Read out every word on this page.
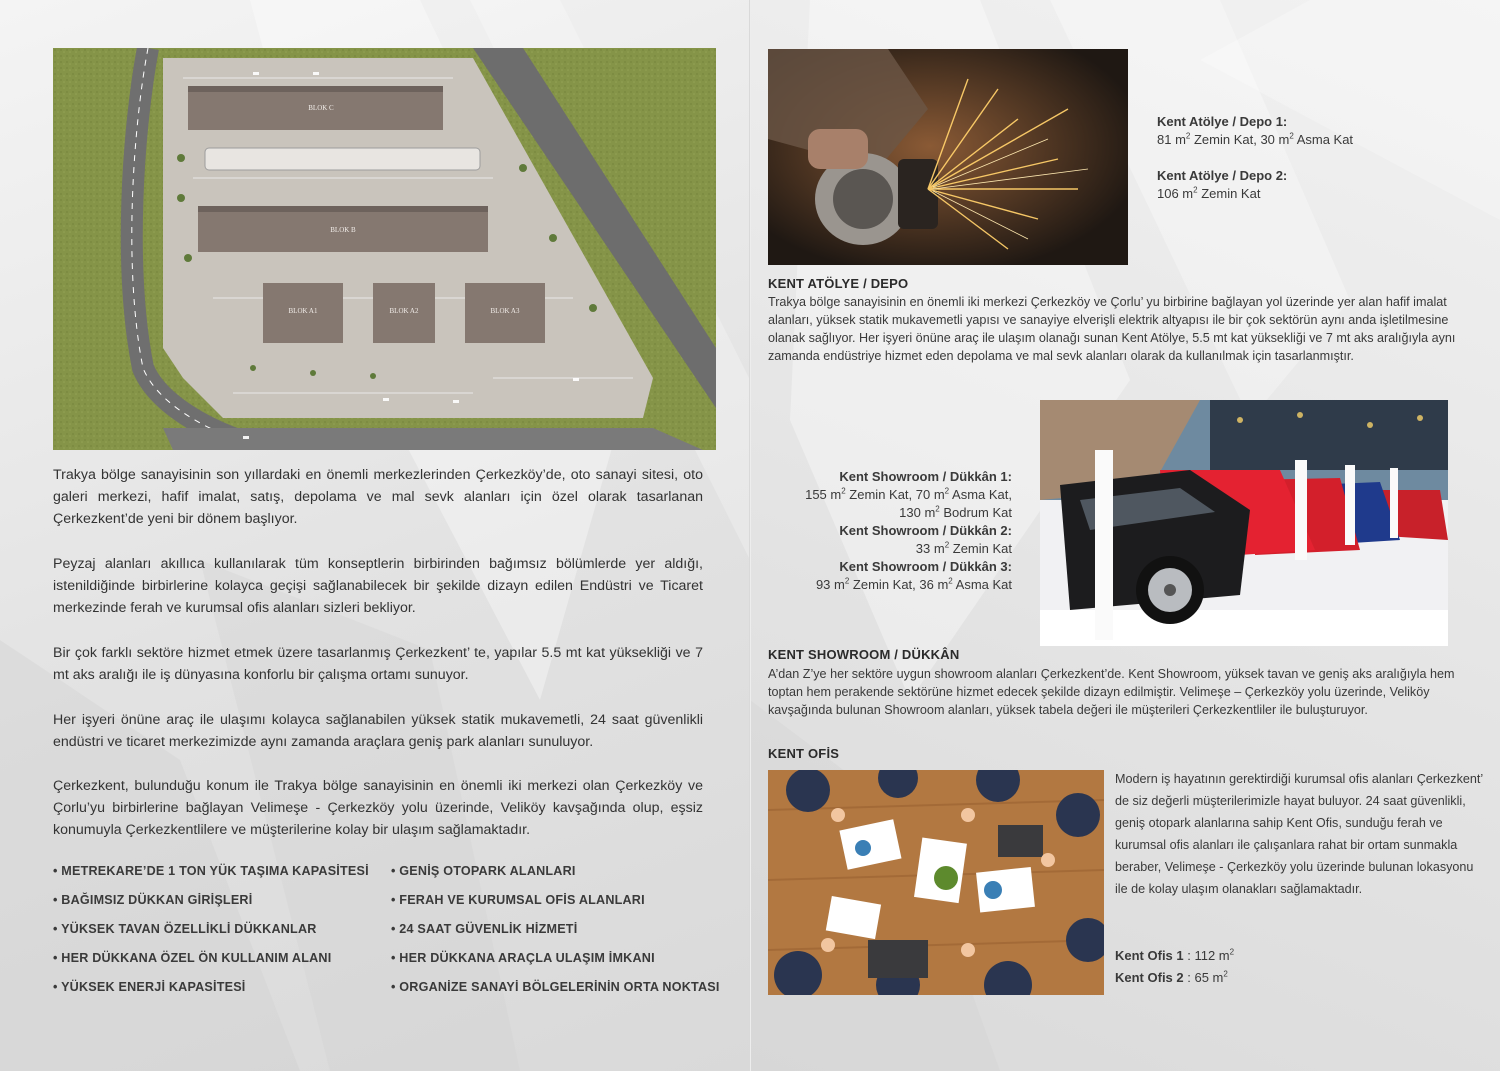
BLOK C
BLOK B
BLOK A1	BLOK A2	BLOK A3

Trakya bölge sanayisinin son yıllardaki en önemli merkezlerinden Çerkezköy’de, oto sanayi sitesi, oto galeri merkezi, hafif imalat, satış, depolama ve mal sevk alanları için özel olarak tasarlanan Çerkezkent’de yeni bir dönem başlıyor.

Peyzaj alanları akıllıca kullanılarak tüm konseptlerin birbirinden bağımsız bölümlerde yer aldığı, istenildiğinde birbirlerine kolayca geçişi sağlanabilecek bir şekilde dizayn edilen Endüstri ve Ticaret merkezinde ferah ve kurumsal ofis alanları sizleri bekliyor.

Bir çok farklı sektöre hizmet etmek üzere tasarlanmış Çerkezkent’ te, yapılar 5.5 mt kat yüksekliği ve 7 mt aks aralığı ile iş dünyasına konforlu bir çalışma ortamı sunuyor.

Her işyeri önüne araç ile ulaşımı kolayca sağlanabilen yüksek statik mukavemetli, 24 saat güvenlikli endüstri ve ticaret merkezimizde aynı zamanda araçlara geniş park alanları sunuluyor.

Çerkezkent, bulunduğu konum ile Trakya bölge sanayisinin en önemli iki merkezi olan Çerkezköy ve Çorlu’yu birbirlerine bağlayan Velimeşe - Çerkezköy yolu üzerinde, Veliköy kavşağında olup, eşsiz konumuyla Çerkezkentlilere ve müşterilerine kolay bir ulaşım sağlamaktadır.

• METREKARE’DE 1 TON YÜK TAŞIMA KAPASİTESİ
• BAĞIMSIZ DÜKKAN GİRİŞLERİ
• YÜKSEK TAVAN ÖZELLİKLİ DÜKKANLAR
• HER DÜKKANA ÖZEL ÖN KULLANIM ALANI
• YÜKSEK ENERJİ KAPASİTESİ
• GENİŞ OTOPARK ALANLARI
• FERAH VE KURUMSAL OFİS ALANLARI
• 24 SAAT GÜVENLİK HİZMETİ
• HER DÜKKANA ARAÇLA ULAŞIM İMKANI
• ORGANİZE SANAYİ BÖLGELERİNİN ORTA NOKTASI
Kent Atölye / Depo 1:
81 $m^2$ Zemin Kat, 30 $m^2$ Asma Kat
Kent Atölye / Depo 2:
106 $m^2$ Zemin Kat
KENT ATÖLYE / DEPO

Trakya bölge sanayisinin en önemli iki merkezi Çerkezköy ve Çorlu’ yu birbirine bağlayan yol üzerinde yer alan hafif imalat alanları, yüksek statik mukavemetli yapısı ve sanayiye elverişli elektrik altyapısı ile bir çok sektörün aynı anda işletilmesine olanak sağlıyor. Her işyeri önüne araç ile ulaşım olanağı sunan Kent Atölye, 5.5 mt kat yüksekliği ve 7 mt aks aralığıyla aynı zamanda endüstriye hizmet eden depolama ve mal sevk alanları olarak da kullanılmak için tasarlanmıştır.

Kent Showroom / Dükkân 1:
155 $m^2$ Zemin Kat, 70 $m^2$ Asma Kat,
130 $m^2$ Bodrum Kat
Kent Showroom / Dükkân 2:
33 $m^2$ Zemin Kat
Kent Showroom / Dükkân 3:
93 $m^2$ Zemin Kat, 36 $m^2$ Asma Kat
KENT SHOWROOM / DÜKKÂN

A’dan Z’ye her sektöre uygun showroom alanları Çerkezkent’de. Kent Showroom, yüksek tavan ve geniş aks aralığıyla hem toptan hem perakende sektörüne hizmet edecek şekilde dizayn edilmiştir. Velimeşe – Çerkezköy yolu üzerinde, Veliköy kavşağında bulunan Showroom alanları, yüksek tabela değeri ile müşterileri Çerkezkentliler ile buluşturuyor.

KENT OFİS

Modern iş hayatının gerektirdiği kurumsal ofis alanları Çerkezkent’ de siz değerli müşterilerimizle hayat buluyor. 24 saat güvenlikli, geniş otopark alanlarına sahip Kent Ofis, sunduğu ferah ve kurumsal ofis alanları ile çalışanlara rahat bir ortam sunmakla beraber, Velimeşe - Çerkezköy yolu üzerinde bulunan lokasyonu ile de kolay ulaşım olanakları sağlamaktadır.

Kent Ofis 1 : 112 $m^2$
Kent Ofis 2 : 65 $m^2$
